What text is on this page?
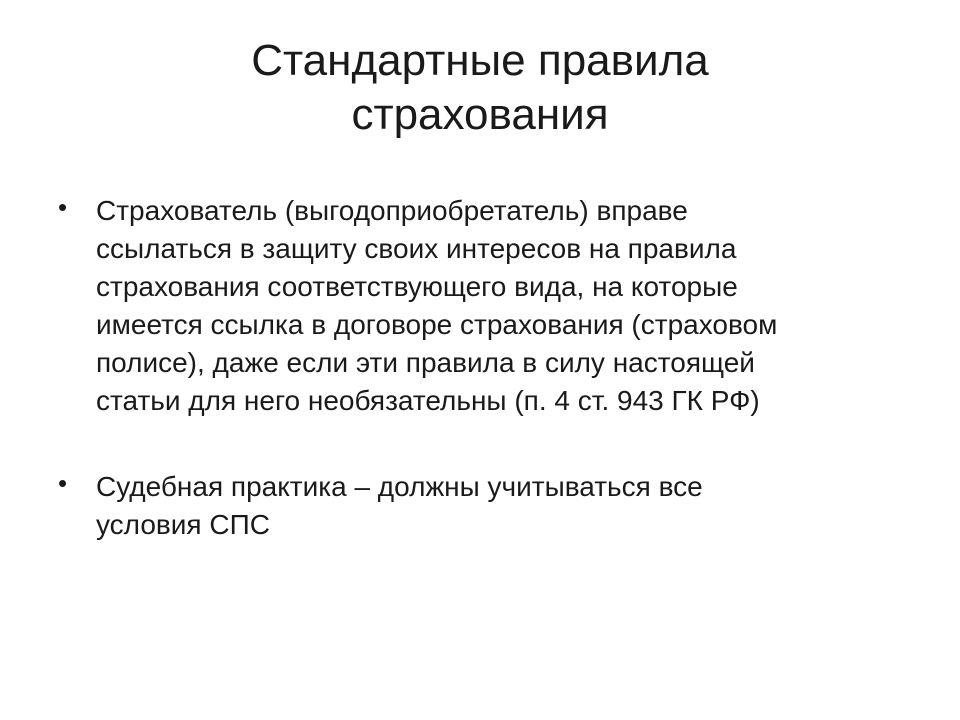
Стандартные правила
страхования
• Страхователь (выгодоприобретатель) вправе
ссылаться в защиту своих интересов на правила
страхования соответствующего вида, на которые
имеется ссылка в договоре страхования (страховом
полисе), даже если эти правила в силу настоящей
статьи для него необязательны (п. 4 ст. 943 ГК РФ)
• Судебная практика – должны учитываться все
условия СПС
